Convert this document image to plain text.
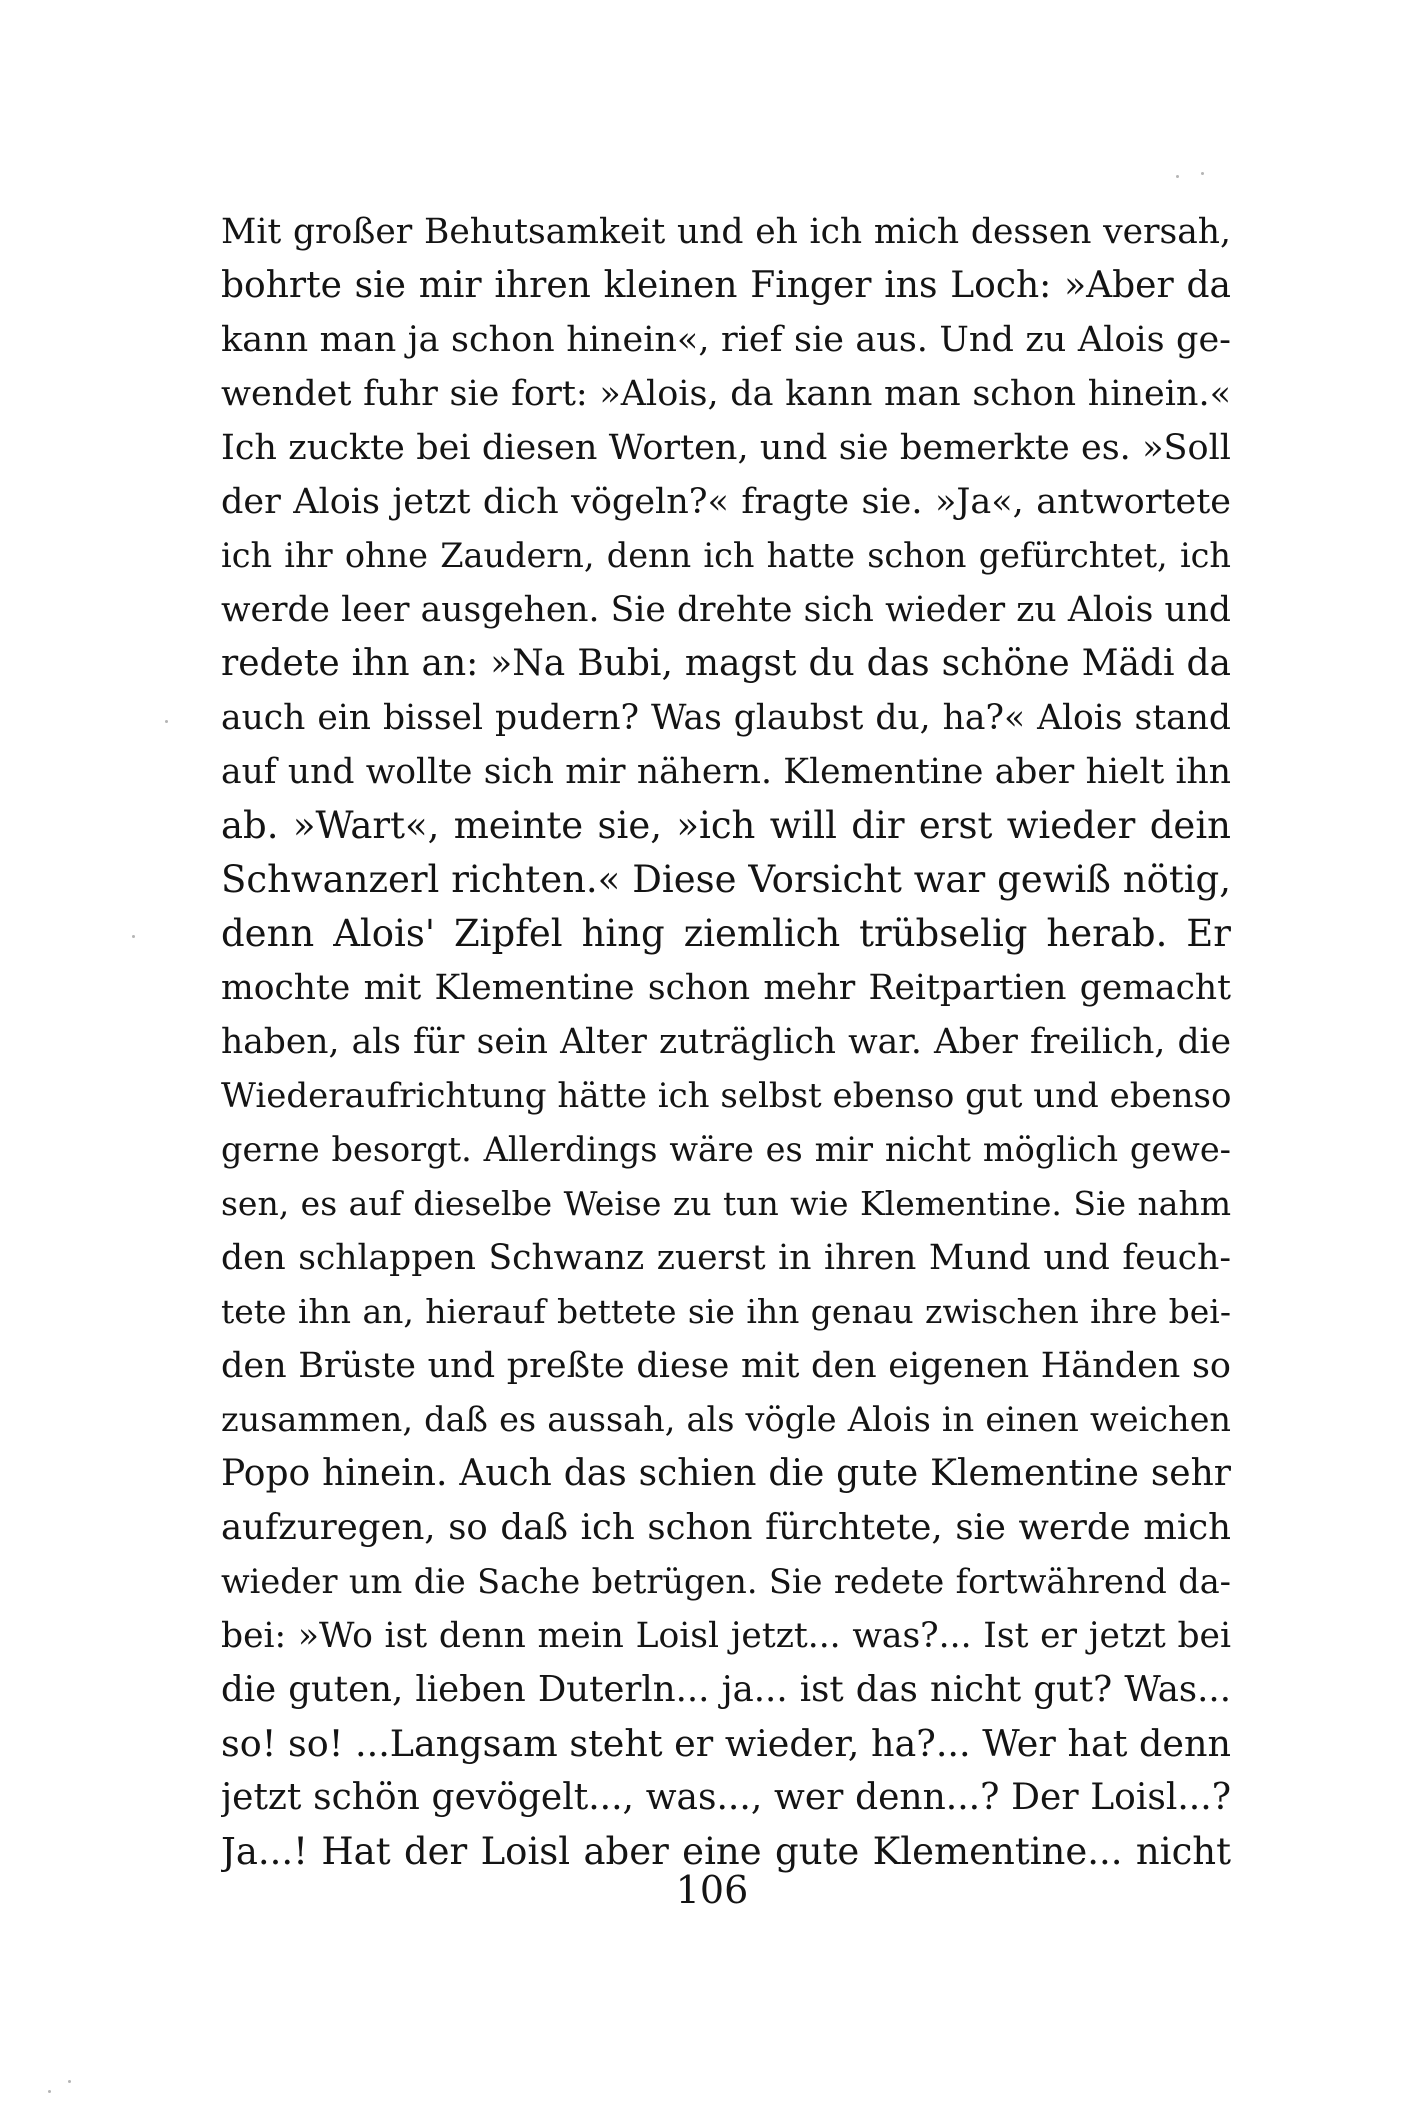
Mit großer Behutsamkeit und eh ich mich dessen versah,
bohrte sie mir ihren kleinen Finger ins Loch: »Aber da
kann man ja schon hinein«, rief sie aus. Und zu Alois ge-
wendet fuhr sie fort: »Alois, da kann man schon hinein.«
Ich zuckte bei diesen Worten, und sie bemerkte es. »Soll
der Alois jetzt dich vögeln?« fragte sie. »Ja«, antwortete
ich ihr ohne Zaudern, denn ich hatte schon gefürchtet, ich
werde leer ausgehen. Sie drehte sich wieder zu Alois und
redete ihn an: »Na Bubi, magst du das schöne Mädi da
auch ein bissel pudern? Was glaubst du, ha?« Alois stand
auf und wollte sich mir nähern. Klementine aber hielt ihn
ab. »Wart«, meinte sie, »ich will dir erst wieder dein
Schwanzerl richten.« Diese Vorsicht war gewiß nötig,
denn Alois' Zipfel hing ziemlich trübselig herab. Er
mochte mit Klementine schon mehr Reitpartien gemacht
haben, als für sein Alter zuträglich war. Aber freilich, die
Wiederaufrichtung hätte ich selbst ebenso gut und ebenso
gerne besorgt. Allerdings wäre es mir nicht möglich gewe-
sen, es auf dieselbe Weise zu tun wie Klementine. Sie nahm
den schlappen Schwanz zuerst in ihren Mund und feuch-
tete ihn an, hierauf bettete sie ihn genau zwischen ihre bei-
den Brüste und preßte diese mit den eigenen Händen so
zusammen, daß es aussah, als vögle Alois in einen weichen
Popo hinein. Auch das schien die gute Klementine sehr
aufzuregen, so daß ich schon fürchtete, sie werde mich
wieder um die Sache betrügen. Sie redete fortwährend da-
bei: »Wo ist denn mein Loisl jetzt... was?... Ist er jetzt bei
die guten, lieben Duterln... ja... ist das nicht gut? Was...
so! so! ...Langsam steht er wieder, ha?... Wer hat denn
jetzt schön gevögelt..., was..., wer denn...? Der Loisl...?
Ja...! Hat der Loisl aber eine gute Klementine... nicht
106
